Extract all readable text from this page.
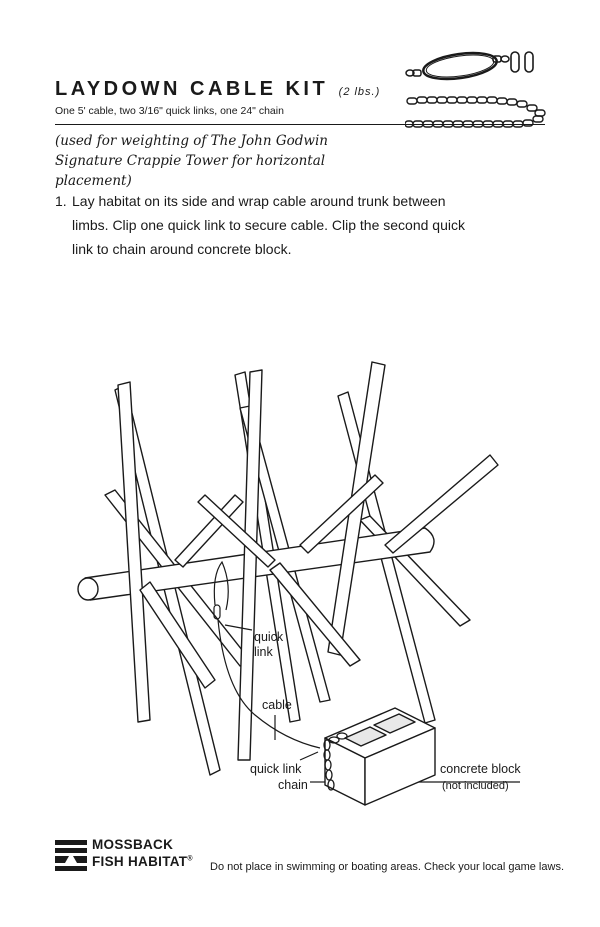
LAYDOWN CABLE KIT (2 lbs.)
One 5' cable, two 3/16" quick links, one 24" chain
(used for weighting of The John Godwin Signature Crappie Tower for horizontal placement)
1. Lay habitat on its side and wrap cable around trunk between limbs. Clip one quick link to secure cable. Clip the second quick link to chain around concrete block.
quick link
cable
quick link
chain
concrete block
(not included)
MOSSBACK
FISH HABITAT®
Do not place in swimming or boating areas. Check your local game laws.
